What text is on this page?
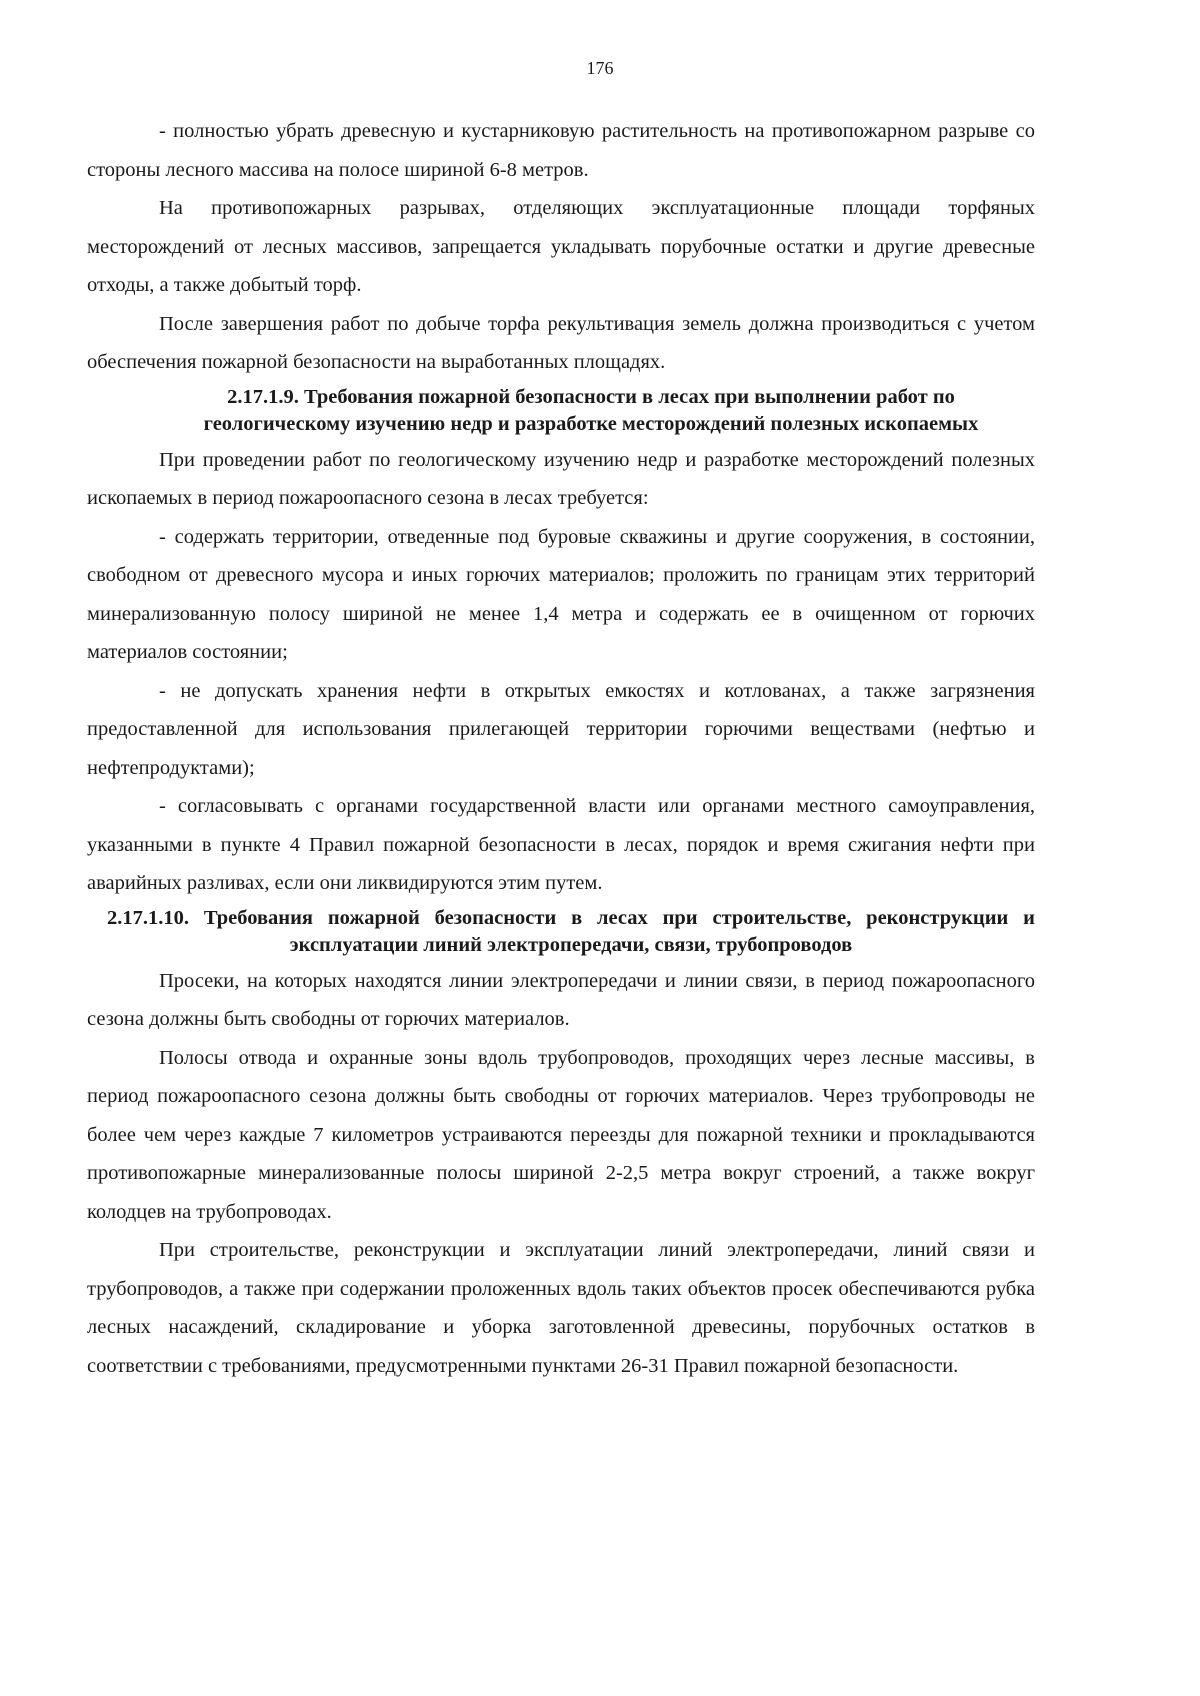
176

- полностью убрать древесную и кустарниковую растительность на противопожарном разрыве со стороны лесного массива на полосе шириной 6-8 метров.

На противопожарных разрывах, отделяющих эксплуатационные площади торфяных месторождений от лесных массивов, запрещается укладывать порубочные остатки и другие древесные отходы, а также добытый торф.

После завершения работ по добыче торфа рекультивация земель должна производиться с учетом обеспечения пожарной безопасности на выработанных площадях.

2.17.1.9. Требования пожарной безопасности в лесах при выполнении работ по геологическому изучению недр и разработке месторождений полезных ископаемых

При проведении работ по геологическому изучению недр и разработке месторождений полезных ископаемых в период пожароопасного сезона в лесах требуется:

- содержать территории, отведенные под буровые скважины и другие сооружения, в состоянии, свободном от древесного мусора и иных горючих материалов; проложить по границам этих территорий минерализованную полосу шириной не менее 1,4 метра и содержать ее в очищенном от горючих материалов состоянии;

- не допускать хранения нефти в открытых емкостях и котлованах, а также загрязнения предоставленной для использования прилегающей территории горючими веществами (нефтью и нефтепродуктами);

- согласовывать с органами государственной власти или органами местного самоуправления, указанными в пункте 4 Правил пожарной безопасности в лесах, порядок и время сжигания нефти при аварийных разливах, если они ликвидируются этим путем.

2.17.1.10. Требования пожарной безопасности в лесах при строительстве, реконструкции и эксплуатации линий электропередачи, связи, трубопроводов

Просеки, на которых находятся линии электропередачи и линии связи, в период пожароопасного сезона должны быть свободны от горючих материалов.

Полосы отвода и охранные зоны вдоль трубопроводов, проходящих через лесные массивы, в период пожароопасного сезона должны быть свободны от горючих материалов. Через трубопроводы не более чем через каждые 7 километров устраиваются переезды для пожарной техники и прокладываются противопожарные минерализованные полосы шириной 2-2,5 метра вокруг строений, а также вокруг колодцев на трубопроводах.

При строительстве, реконструкции и эксплуатации линий электропередачи, линий связи и трубопроводов, а также при содержании проложенных вдоль таких объектов просек обеспечиваются рубка лесных насаждений, складирование и уборка заготовленной древесины, порубочных остатков в соответствии с требованиями, предусмотренными пунктами 26-31 Правил пожарной безопасности.
